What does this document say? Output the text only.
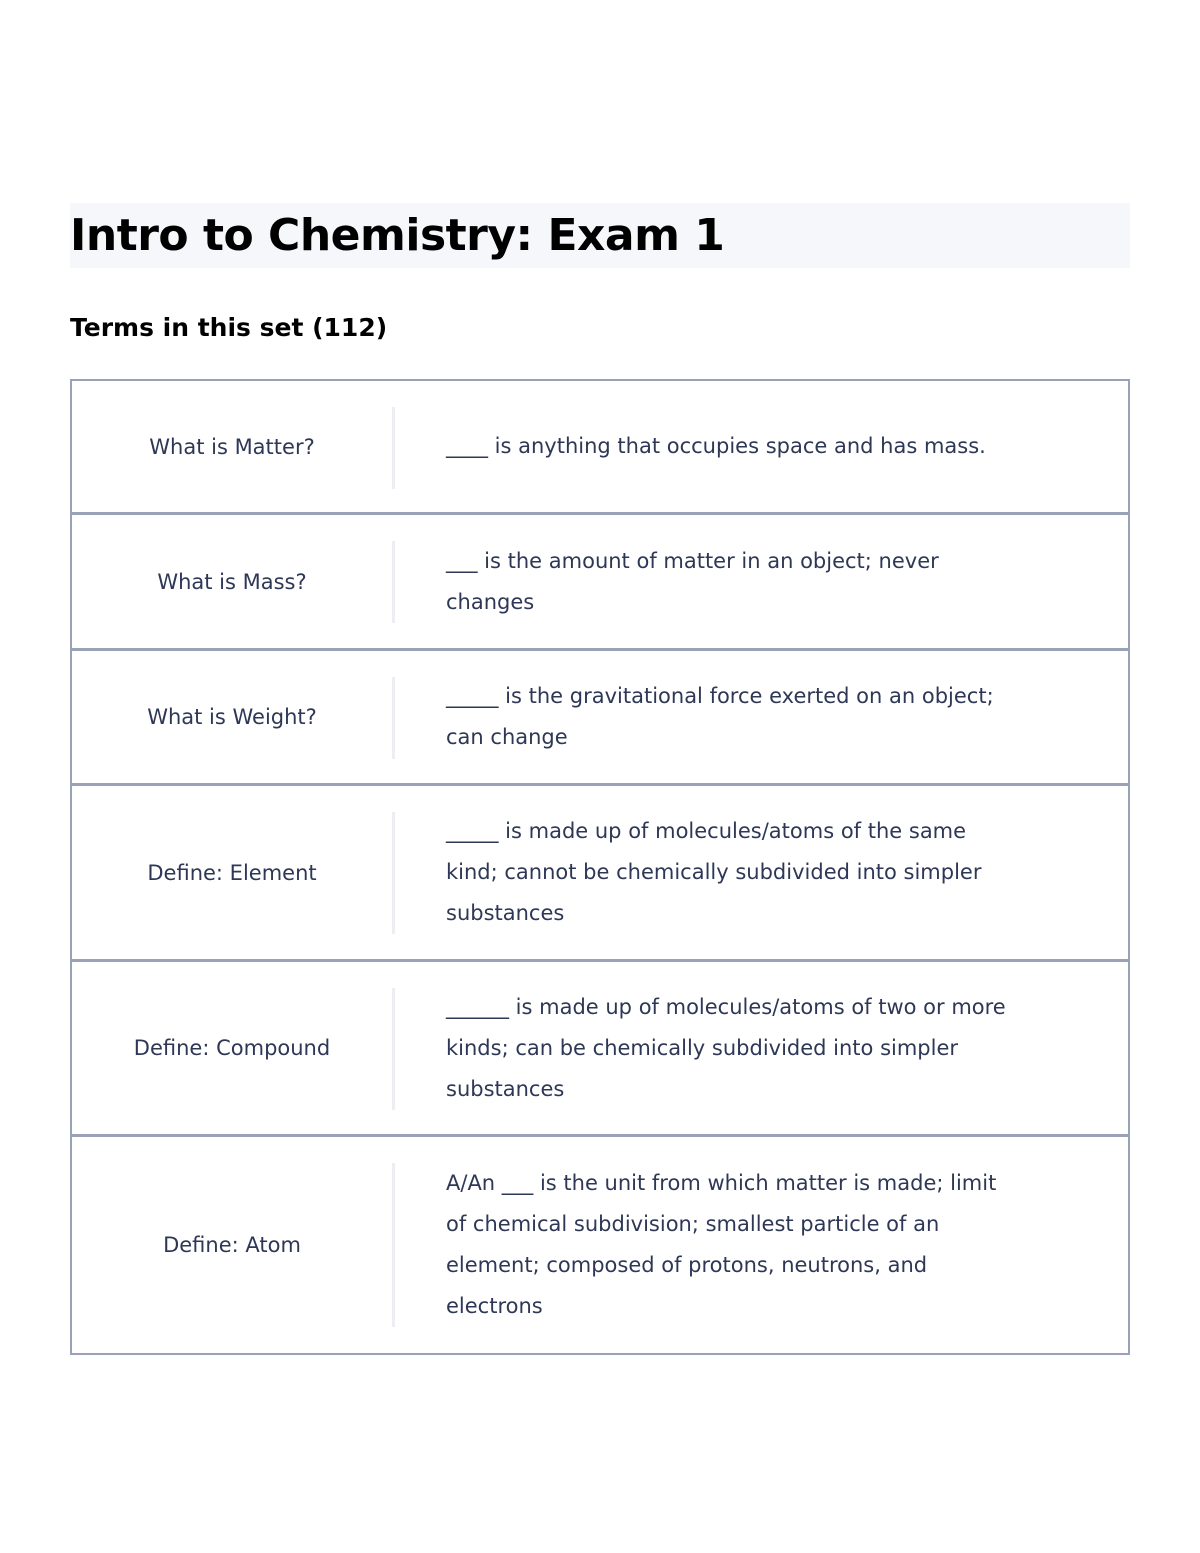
Intro to Chemistry: Exam 1
Terms in this set (112)
What is Matter?	____ is anything that occupies space and has mass.
What is Mass?
___ is the amount of matter in an object; never changes
What is Weight?
_____ is the gravitational force exerted on an object; can change
Define: Element
_____ is made up of molecules/atoms of the same kind; cannot be chemically subdivided into simpler substances
Define: Compound
______ is made up of molecules/atoms of two or more kinds; can be chemically subdivided into simpler substances
Define: Atom
A/An ___ is the unit from which matter is made; limit of chemical subdivision; smallest particle of an element; composed of protons, neutrons, and electrons
